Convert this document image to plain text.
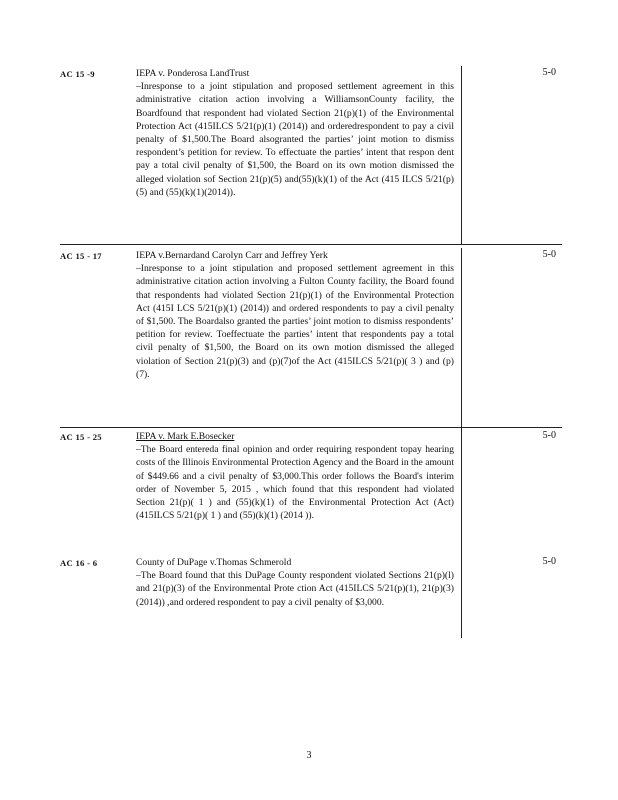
AC 15 -9	IEPA v. Ponderosa LandTrust
–Inresponse to a joint stipulation and proposed settlement agreement in this administrative citation action involving a WilliamsonCounty facility, the Boardfound that respondent had violated Section 21(p)(1) of the Environmental Protection Act (415ILCS 5/21(p)(1) (2014)) and orderedrespondent to pay a civil penalty of $1,500.The Board alsogranted the parties’ joint motion to dismiss respondent’s petition for review. To effectuate the parties’ intent that respon dent pay a total civil penalty of $1,500, the Board on its own motion dismissed the alleged violation sof Section 21(p)(5) and(55)(k)(1) of the Act (415 ILCS 5/21(p)(5) and (55)(k)(1)(2014)).
5-0
AC 15 - 17	IEPA v.Bernardand Carolyn Carr and Jeffrey Yerk
–Inresponse to a joint stipulation and proposed settlement agreement in this administrative citation action involving a Fulton County facility, the Board found that respondents had violated Section 21(p)(1) of the Environmental Protection Act (415I LCS 5/21(p)(1) (2014)) and ordered respondents to pay a civil penalty of $1,500. The Boardalso granted the parties’ joint motion to dismiss respondents’ petition for review. Toeffectuate the parties’ intent that respondents pay a total civil penalty of $1,500, the Board on its own motion dismissed the alleged violation of Section 21(p)(3) and (p)(7)of the Act (415ILCS 5/21(p)( 3 ) and (p)(7).
5-0
AC 15 - 25	IEPA v. Mark E.Bosecker
–The Board entereda final opinion and order requiring respondent topay hearing costs of the Illinois Environmental Protection Agency and the Board in the amount of $449.66 and a civil penalty of $3,000.This order follows the Board's interim order of November 5, 2015 , which found that this respondent had violated Section 21(p)( 1 ) and (55)(k)(1) of the Environmental Protection Act (Act) (415ILCS 5/21(p)( 1 ) and (55)(k)(1) (2014 )).
5-0
AC 16 - 6	County of DuPage v.Thomas Schmerold
–The Board found that this DuPage County respondent violated Sections 21(p)(l) and 21(p)(3) of the Environmental Prote ction Act (415ILCS 5/21(p)(1), 21(p)(3) (2014)) ,and ordered respondent to pay a civil penalty of $3,000.
5-0
3
